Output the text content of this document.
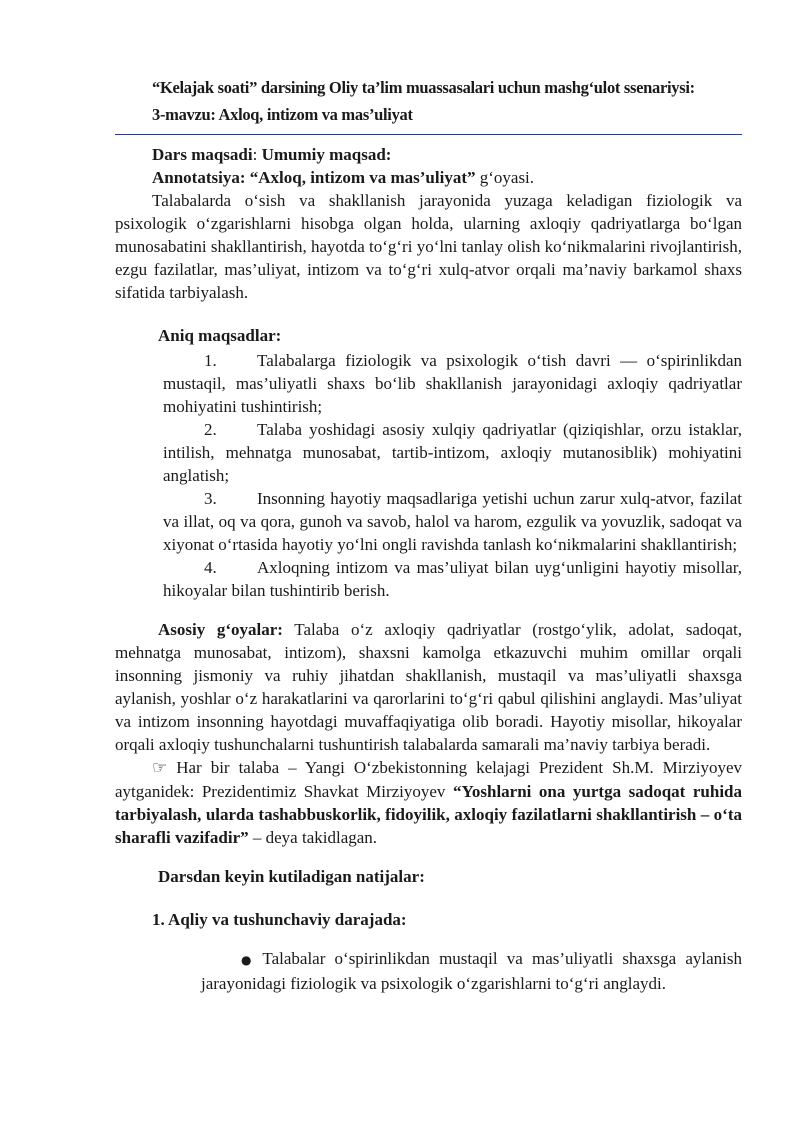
“Kelajak soati” darsining Oliy ta’lim muassasalari uchun mashg‘ulot ssenariysi:

3-mavzu: Axloq, intizom va mas’uliyat

Dars maqsadi: Umumiy maqsad:

Annotatsiya: “Axloq, intizom va mas’uliyat” g‘oyasi.

Talabalarda o‘sish va shakllanish jarayonida yuzaga keladigan fiziologik va psixologik o‘zgarishlarni hisobga olgan holda, ularning axloqiy qadriyatlarga bo‘lgan munosabatini shakllantirish, hayotda to‘g‘ri yo‘lni tanlay olish ko‘nikmalarini rivojlantirish, ezgu fazilatlar, mas’uliyat, intizom va to‘g‘ri xulq-atvor orqali ma’naviy barkamol shaxs sifatida tarbiyalash.

Aniq maqsadlar:

1. Talabalarga fiziologik va psixologik o‘tish davri — o‘spirinlikdan mustaqil, mas’uliyatli shaxs bo‘lib shakllanish jarayonidagi axloqiy qadriyatlar mohiyatini tushintirish;

2. Talaba yoshidagi asosiy xulqiy qadriyatlar (qiziqishlar, orzu istaklar, intilish, mehnatga munosabat, tartib-intizom, axloqiy mutanosiblik) mohiyatini anglatish;

3. Insonning hayotiy maqsadlariga yetishi uchun zarur xulq-atvor, fazilat va illat, oq va qora, gunoh va savob, halol va harom, ezgulik va yovuzlik, sadoqat va xiyonat o‘rtasida hayotiy yo‘lni ongli ravishda tanlash ko‘nikmalarini shakllantirish;

4. Axloqning intizom va mas’uliyat bilan uyg‘unligini hayotiy misollar, hikoyalar bilan tushintirib berish.

Asosiy g‘oyalar: Talaba o‘z axloqiy qadriyatlar (rostgo‘ylik, adolat, sadoqat, mehnatga munosabat, intizom), shaxsni kamolga etkazuvchi muhim omillar orqali insonning jismoniy va ruhiy jihatdan shakllanish, mustaqil va mas’uliyatli shaxsga aylanish, yoshlar o‘z harakatlarini va qarorlarini to‘g‘ri qabul qilishini anglaydi. Mas’uliyat va intizom insonning hayotdagi muvaffaqiyatiga olib boradi. Hayotiy misollar, hikoyalar orqali axloqiy tushunchalarni tushuntirish talabalarda samarali ma’naviy tarbiya beradi.

☞ Har bir talaba – Yangi O‘zbekistonning kelajagi Prezident Sh.M. Mirziyoyev aytganidek: Prezidentimiz Shavkat Mirziyoyev “Yoshlarni ona yurtga sadoqat ruhida tarbiyalash, ularda tashabbuskorlik, fidoyilik, axloqiy fazilatlarni shakllantirish – o‘ta sharafli vazifadir” – deya takidlagan.

Darsdan keyin kutiladigan natijalar:

1. Aqliy va tushunchaviy darajada:

● Talabalar o‘spirinlikdan mustaqil va mas’uliyatli shaxsga aylanish jarayonidagi fiziologik va psixologik o‘zgarishlarni to‘g‘ri anglaydi.
